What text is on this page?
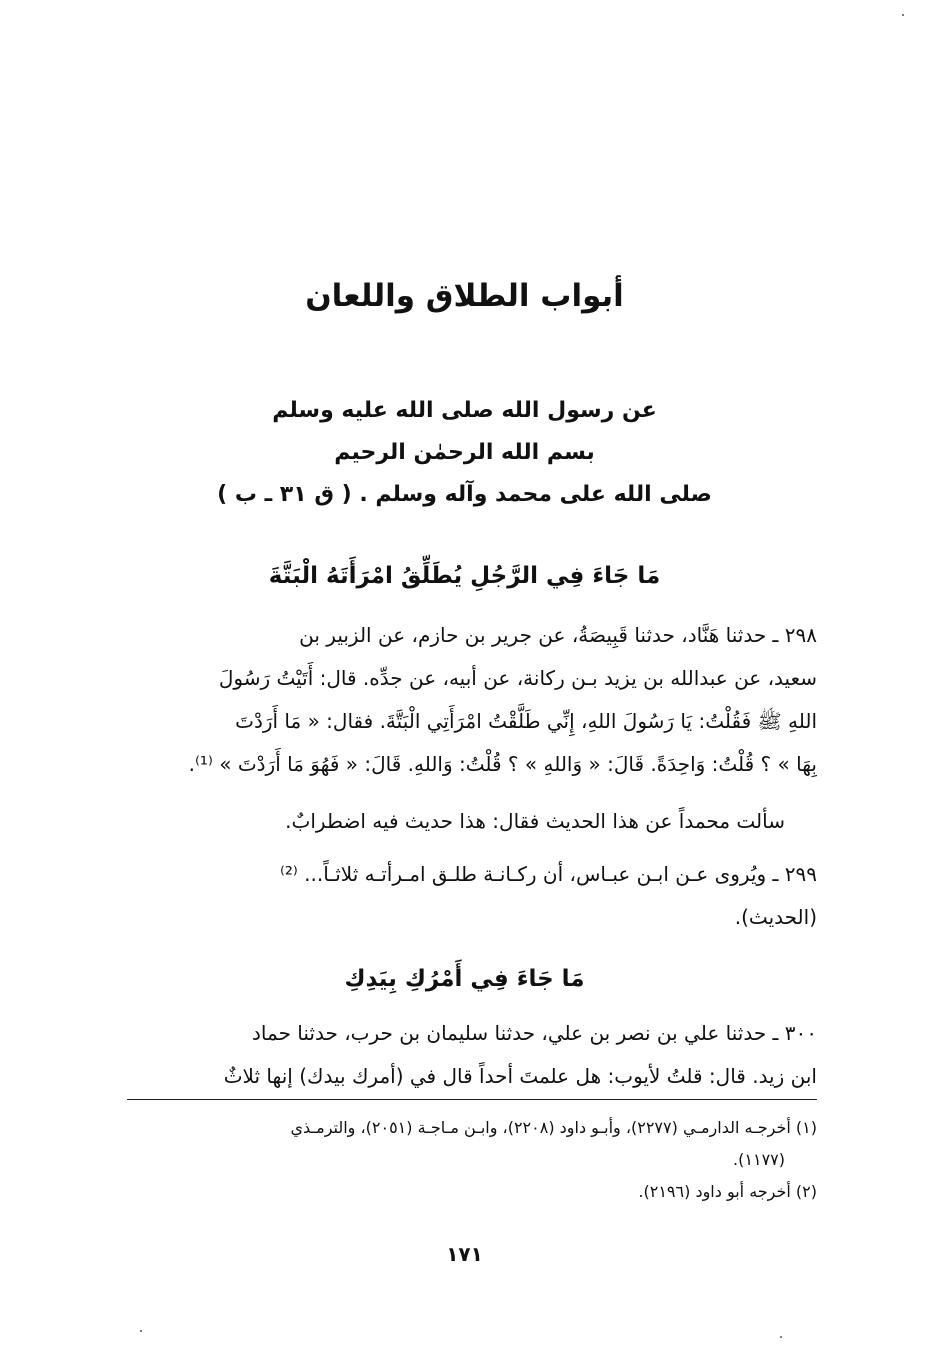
أبواب الطلاق واللعان
عن رسول الله صلى الله عليه وسلم
بسم الله الرحمٰن الرحيم
صلى الله على محمد وآله وسلم . ( ق ٣١ ـ ب )
مَا جَاءَ فِي الرَّجُلِ يُطَلِّقُ امْرَأَتَهُ الْبَتَّةَ
٢٩٨ ـ حدثنا هَنَّاد، حدثنا قَبِيصَةُ، عن جرير بن حازم، عن الزبير بن
سعيد، عن عبدالله بن يزيد بـن ركانة، عن أبيه، عن جدِّه. قال: أَتَيْتُ رَسُولَ
اللهِ ﷺ فَقُلْتُ: يَا رَسُولَ اللهِ، إِنِّي طَلَّقْتُ امْرَأَتِي الْبَتَّةَ. فقال: « مَا أَرَدْتَ
بِهَا » ؟ قُلْتُ: وَاحِدَةً. قَالَ: « وَاللهِ » ؟ قُلْتُ: وَاللهِ. قَالَ: « فَهُوَ مَا أَرَدْتَ » ⁽¹⁾.
سألت محمداً عن هذا الحديث فقال: هذا حديث فيه اضطرابٌ.
٢٩٩ ـ ويُروى عـن ابـن عبـاس، أن ركـانـة طلـق امـرأتـه ثلاثـاً... ⁽²⁾
(الحديث).
مَا جَاءَ فِي أَمْرُكِ بِيَدِكِ
٣٠٠ ـ حدثنا علي بن نصر بن علي، حدثنا سليمان بن حرب، حدثنا حماد
ابن زيد. قال: قلتُ لأيوب: هل علمتَ أحداً قال في (أمرك بيدك) إنها ثلاثٌ
(١) أخرجـه الدارمـي (٢٢٧٧)، وأبـو داود (٢٢٠٨)، وابـن مـاجـة (٢٠٥١)، والترمـذي
(١١٧٧).
(٢) أخرجه أبو داود (٢١٩٦).
١٧١
